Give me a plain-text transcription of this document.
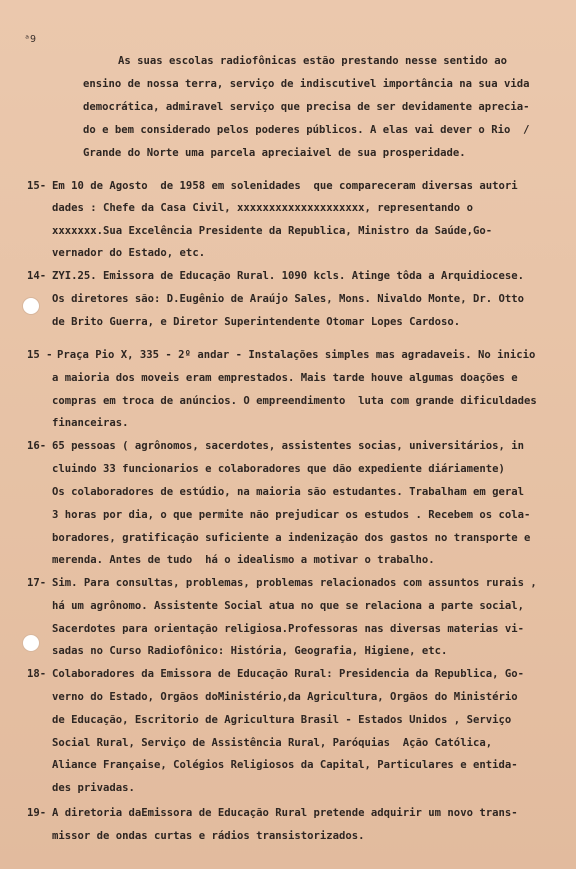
ᵃ9
As suas escolas radiofônicas estão prestando nesse sentido ao
ensino de nossa terra, serviço de indiscutivel importância na sua vida
democrática, admiravel serviço que precisa de ser devidamente aprecia-
do e bem considerado pelos poderes públicos. A elas vai dever o Rio  /
Grande do Norte uma parcela apreciaivel de sua prosperidade.
15- Em 10 de Agosto  de 1958 em solenidades  que compareceram diversas autori
dades : Chefe da Casa Civil, xxxxxxxxxxxxxxxxxxxx, representando o
xxxxxxx.Sua Excelência Presidente da Republica, Ministro da Saúde,Go-
vernador do Estado, etc.
14- ZYI.25. Emissora de Educação Rural. 1090 kcls. Atinge tôda a Arquidiocese.
Os diretores são: D.Eugênio de Araújo Sales, Mons. Nivaldo Monte, Dr. Otto
de Brito Guerra, e Diretor Superintendente Otomar Lopes Cardoso.
15 - Praça Pio X, 335 - 2º andar - Instalações simples mas agradaveis. No inicio
a maioria dos moveis eram emprestados. Mais tarde houve algumas doações e
compras em troca de anúncios. O empreendimento  luta com grande dificuldades
financeiras.
16- 65 pessoas ( agrônomos, sacerdotes, assistentes socias, universitários, in
cluindo 33 funcionarios e colaboradores que dão expediente diáriamente)
Os colaboradores de estúdio, na maioria são estudantes. Trabalham em geral
3 horas por dia, o que permite não prejudicar os estudos . Recebem os cola-
boradores, gratificação suficiente a indenização dos gastos no transporte e
merenda. Antes de tudo  há o idealismo a motivar o trabalho.
17- Sim. Para consultas, problemas, problemas relacionados com assuntos rurais ,
há um agrônomo. Assistente Social atua no que se relaciona a parte social,
Sacerdotes para orientação religiosa.Professoras nas diversas materias vi-
sadas no Curso Radiofônico: História, Geografia, Higiene, etc.
18- Colaboradores da Emissora de Educação Rural: Presidencia da Republica, Go-
verno do Estado, Orgãos doMinistério,da Agricultura, Orgãos do Ministério
de Educação, Escritorio de Agricultura Brasil - Estados Unidos , Serviço
Social Rural, Serviço de Assistência Rural, Paróquias  Ação Católica,
Aliance Française, Colégios Religiosos da Capital, Particulares e entida-
des privadas.
19- A diretoria daEmissora de Educação Rural pretende adquirir um novo trans-
missor de ondas curtas e rádios transistorizados.
